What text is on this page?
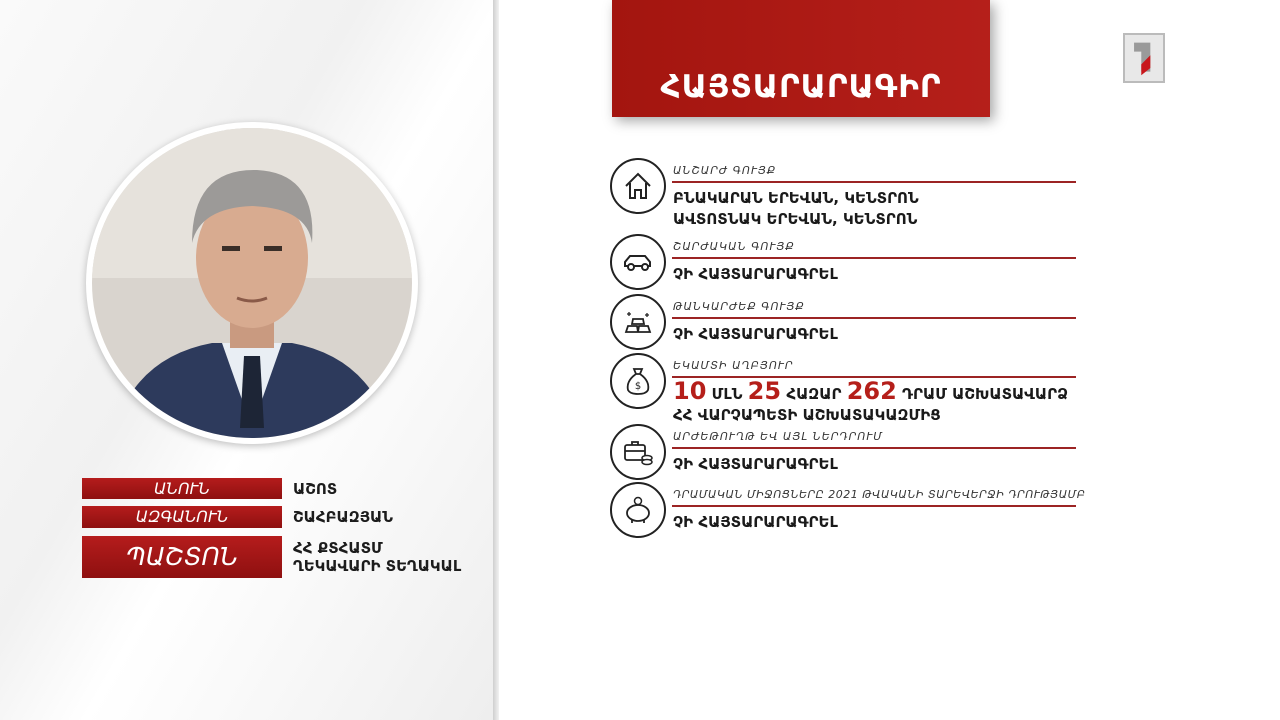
ԱՆՈՒՆ	ԱՇՈՏ
ԱԶԳԱՆՈՒՆ	ՇԱՀԲԱԶՅԱՆ
ՊԱՇՏՈՆ	ՀՀ ՔՏՀԱՏՄ
ՂԵԿԱՎԱՐԻ ՏԵՂԱԿԱԼ
ՀԱՅՏԱՐԱՐԱԳԻՐ
ԱՆՇԱՐԺ ԳՈՒՅՔ
ԲՆԱԿԱՐԱՆ ԵՐԵՎԱՆ, ԿԵՆՏՐՈՆ
ԱՎՏՈՏՆԱԿ ԵՐԵՎԱՆ, ԿԵՆՏՐՈՆ
ՇԱՐԺԱԿԱՆ ԳՈՒՅՔ
ՉԻ ՀԱՅՏԱՐԱՐԱԳՐԵԼ
ԹԱՆԿԱՐԺԵՔ ԳՈՒՅՔ
ՉԻ ՀԱՅՏԱՐԱՐԱԳՐԵԼ
$
ԵԿԱՄՏԻ ԱՂԲՅՈՒՐ
10 ՄԼՆ 25 ՀԱԶԱՐ 262 ԴՐԱՄ ԱՇԽԱՏԱՎԱՐՁ
ՀՀ ՎԱՐՉԱՊԵՏԻ ԱՇԽԱՏԱԿԱԶՄԻՑ
ԱՐԺԵԹՈՒՂԹ ԵՎ ԱՅԼ ՆԵՐԴՐՈՒՄ
ՉԻ ՀԱՅՏԱՐԱՐԱԳՐԵԼ
ԴՐԱՄԱԿԱՆ ՄԻՋՈՑՆԵՐԸ 2021 ԹՎԱԿԱՆԻ ՏԱՐԵՎԵՐՋԻ ԴՐՈՒԹՅԱՄԲ
ՉԻ ՀԱՅՏԱՐԱՐԱԳՐԵԼ
